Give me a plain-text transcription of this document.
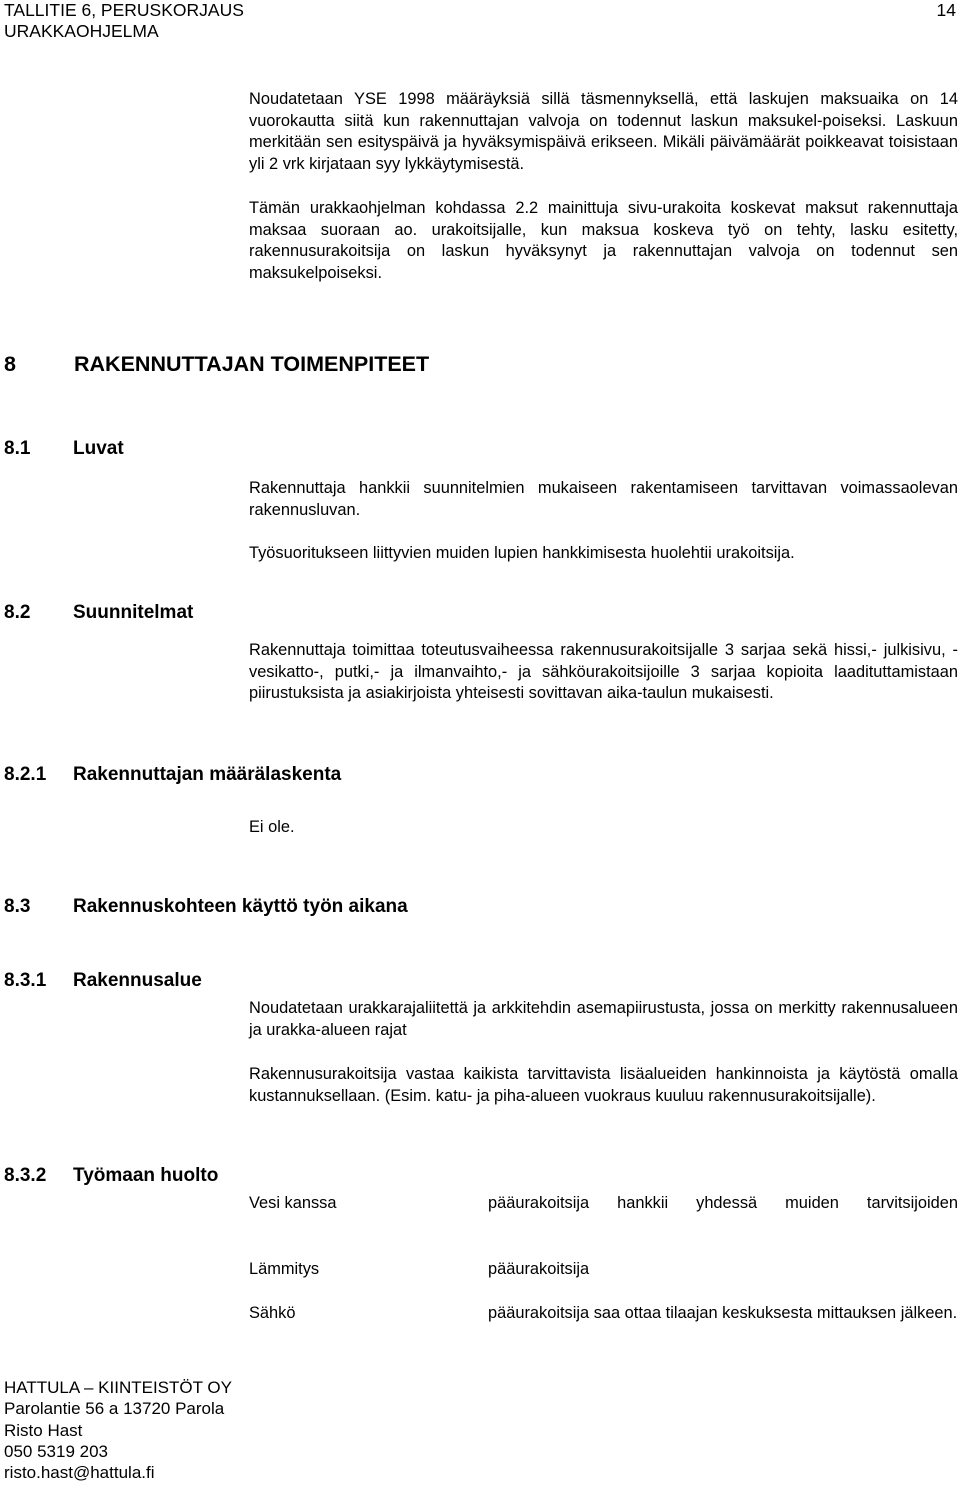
TALLITIE 6, PERUSKORJAUS
URAKKAOHJELMA
14
Noudatetaan YSE 1998 määräyksiä sillä täsmennyksellä, että laskujen maksuaika on 14 vuorokautta siitä kun rakennuttajan valvoja on todennut laskun maksukel-poiseksi. Laskuun merkitään sen esityspäivä ja hyväksymispäivä erikseen. Mikäli päivämäärät poikkeavat toisistaan yli 2 vrk kirjataan syy lykkäytymisestä.
Tämän urakkaohjelman kohdassa 2.2 mainittuja sivu-urakoita koskevat maksut rakennuttaja maksaa suoraan ao. urakoitsijalle, kun maksua koskeva työ on tehty, lasku esitetty, rakennusurakoitsija on laskun hyväksynyt ja rakennuttajan valvoja on todennut sen maksukelpoiseksi.
8	RAKENNUTTAJAN TOIMENPITEET
8.1 Luvat
Rakennuttaja hankkii suunnitelmien mukaiseen rakentamiseen tarvittavan voimassaolevan rakennusluvan.
Työsuoritukseen liittyvien muiden lupien hankkimisesta huolehtii urakoitsija.
8.2 Suunnitelmat
Rakennuttaja toimittaa toteutusvaiheessa rakennusurakoitsijalle 3 sarjaa sekä hissi,- julkisivu, - vesikatto-, putki,- ja ilmanvaihto,- ja sähköurakoitsijoille 3 sarjaa kopioita laadituttamistaan piirustuksista ja asiakirjoista yhteisesti sovittavan aika-taulun mukaisesti.
8.2.1 Rakennuttajan määrälaskenta
Ei ole.
8.3 Rakennuskohteen käyttö työn aikana
8.3.1 Rakennusalue
Noudatetaan urakkarajaliitettä ja arkkitehdin asemapiirustusta, jossa on merkitty rakennusalueen ja urakka-alueen rajat
Rakennusurakoitsija vastaa kaikista tarvittavista lisäalueiden hankinnoista ja käytöstä omalla kustannuksellaan. (Esim. katu- ja piha-alueen vuokraus kuuluu rakennusurakoitsijalle).
8.3.2 Työmaan huolto
Vesi kanssa	pääurakoitsija hankkii yhdessä muiden tarvitsijoiden
Lämmitys	pääurakoitsija
Sähkö	pääurakoitsija saa ottaa tilaajan keskuksesta mittauksen jälkeen.
HATTULA – KIINTEISTÖT OY
Parolantie 56 a 13720 Parola
Risto Hast
050 5319 203
risto.hast@hattula.fi
